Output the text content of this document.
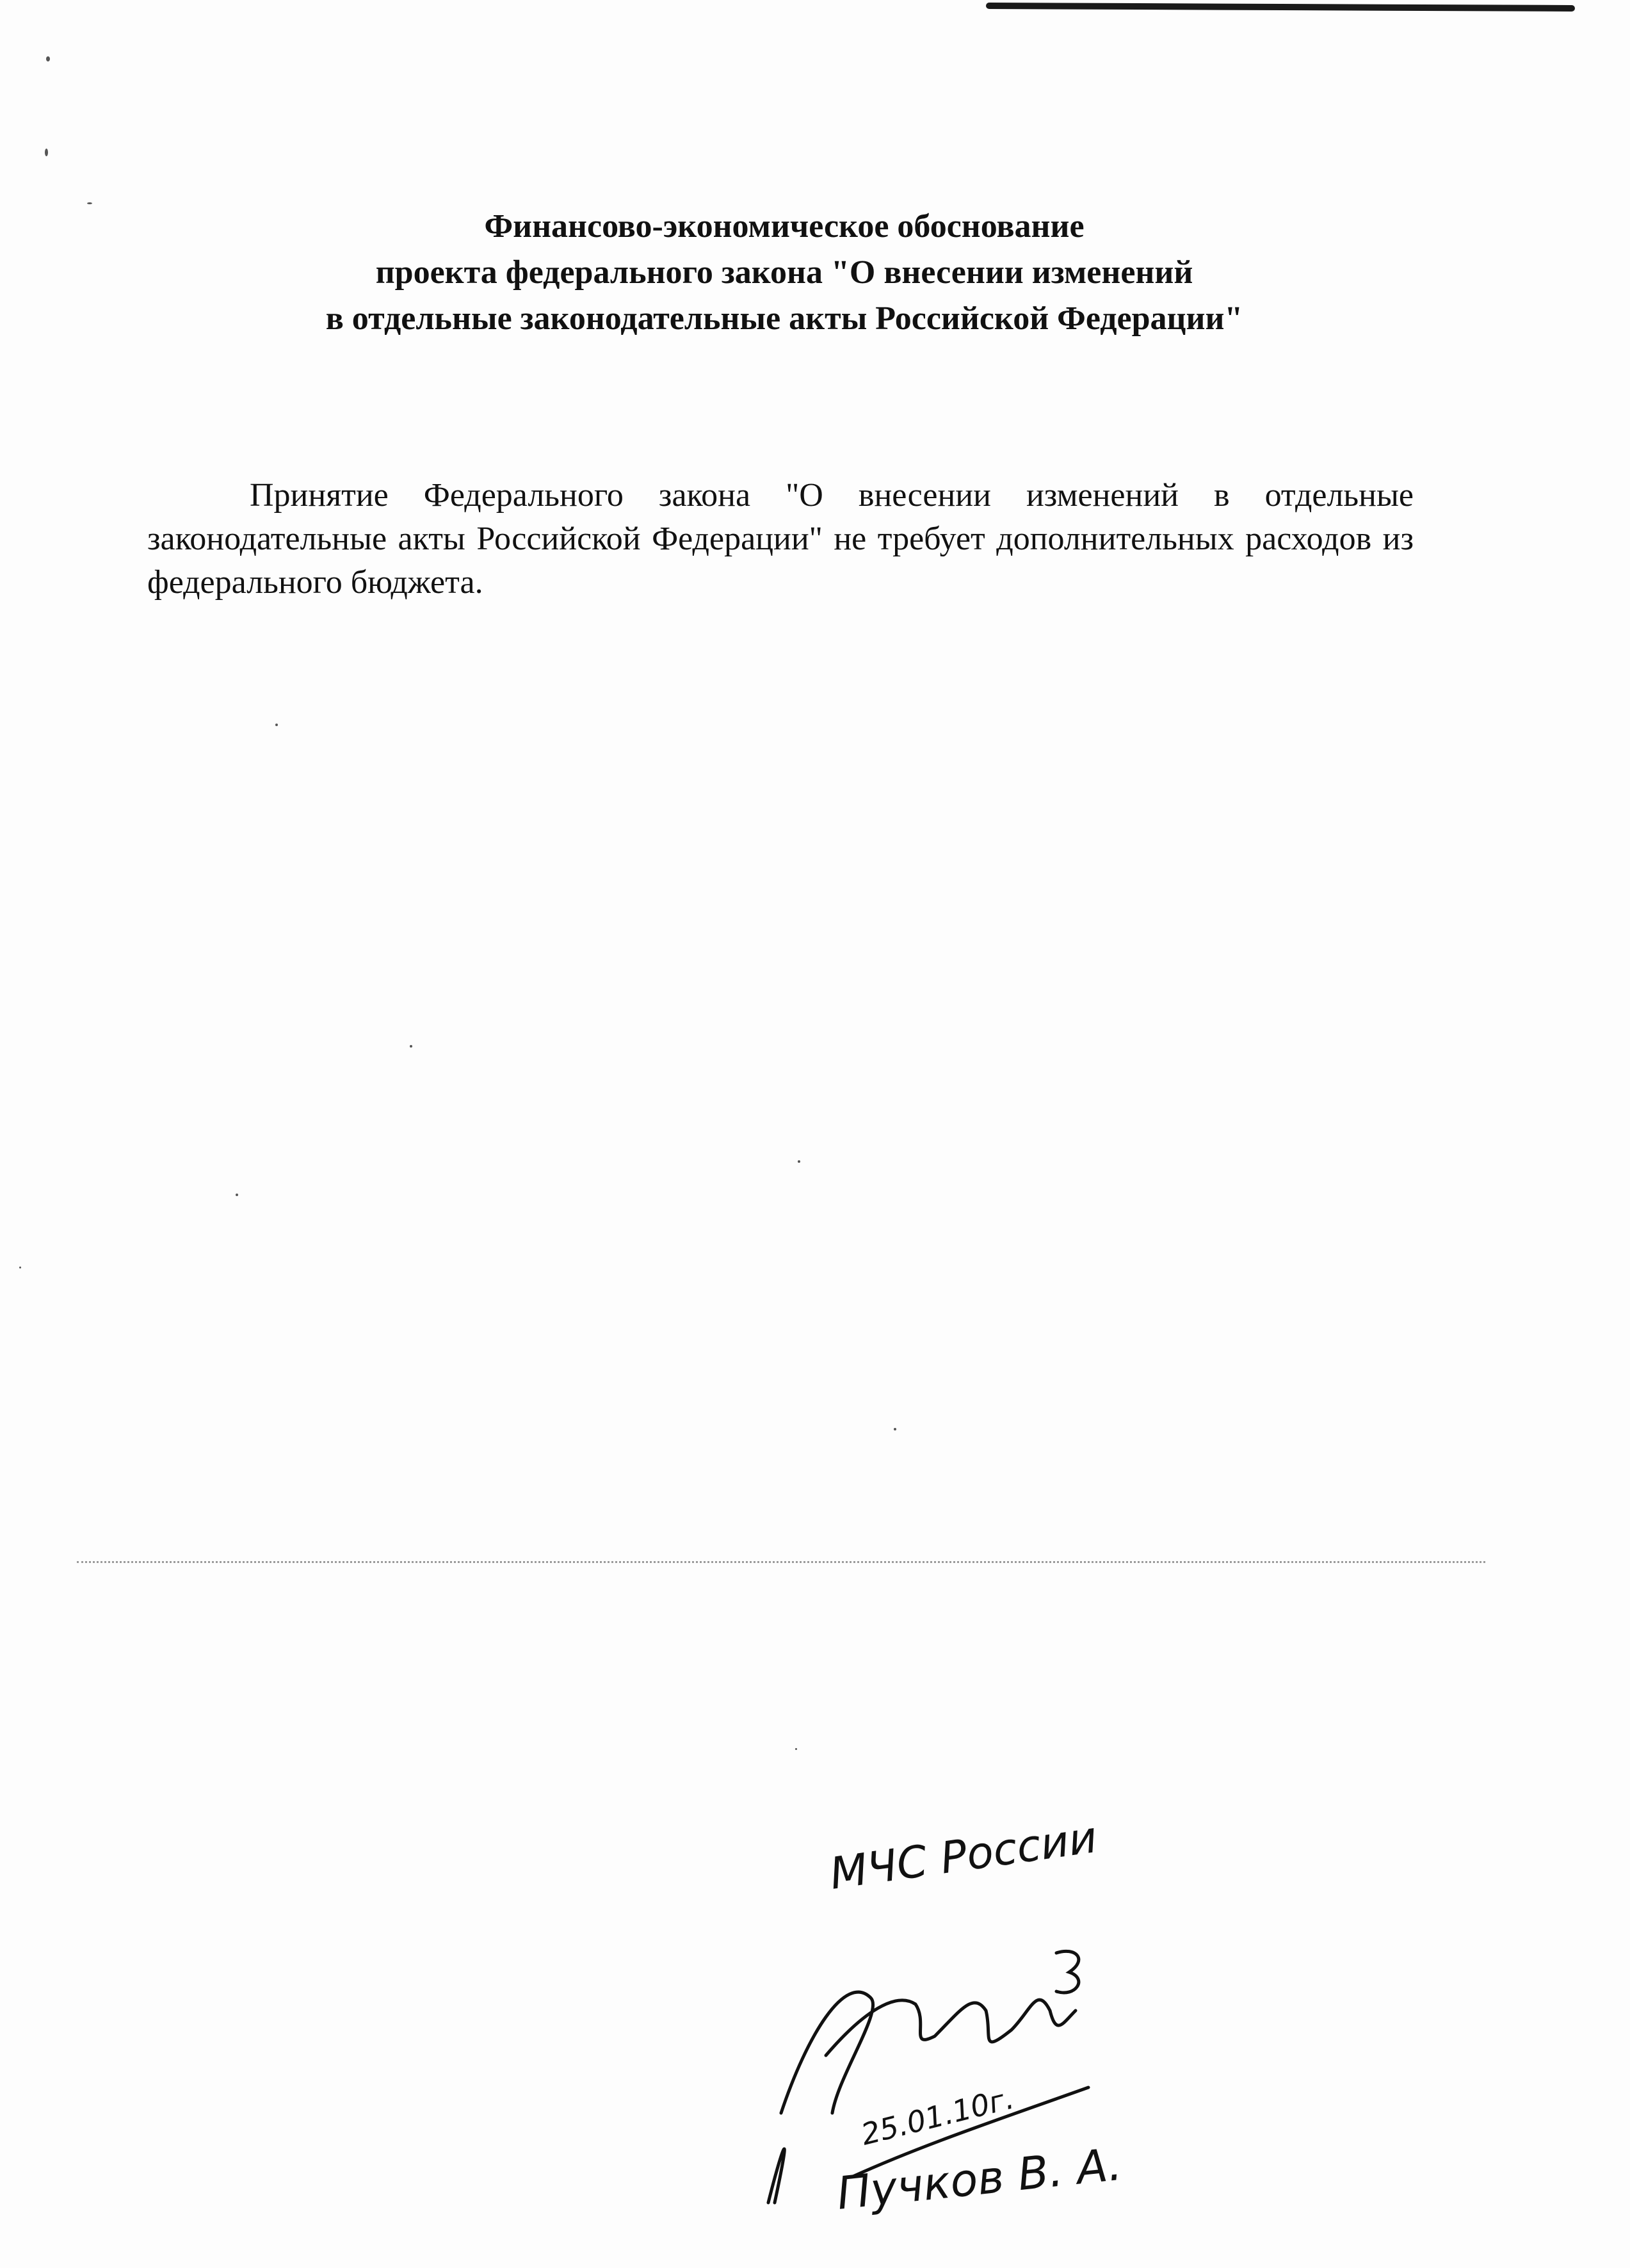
Финансово-экономическое обоснование
проекта федерального закона "О внесении изменений
в отдельные законодательные акты Российской Федерации"
Принятие Федерального закона "О внесении изменений в отдельные законодательные акты Российской Федерации" не требует дополнительных расходов из федерального бюджета.
МЧС России
25.01.10г.
Пучков В. А.
